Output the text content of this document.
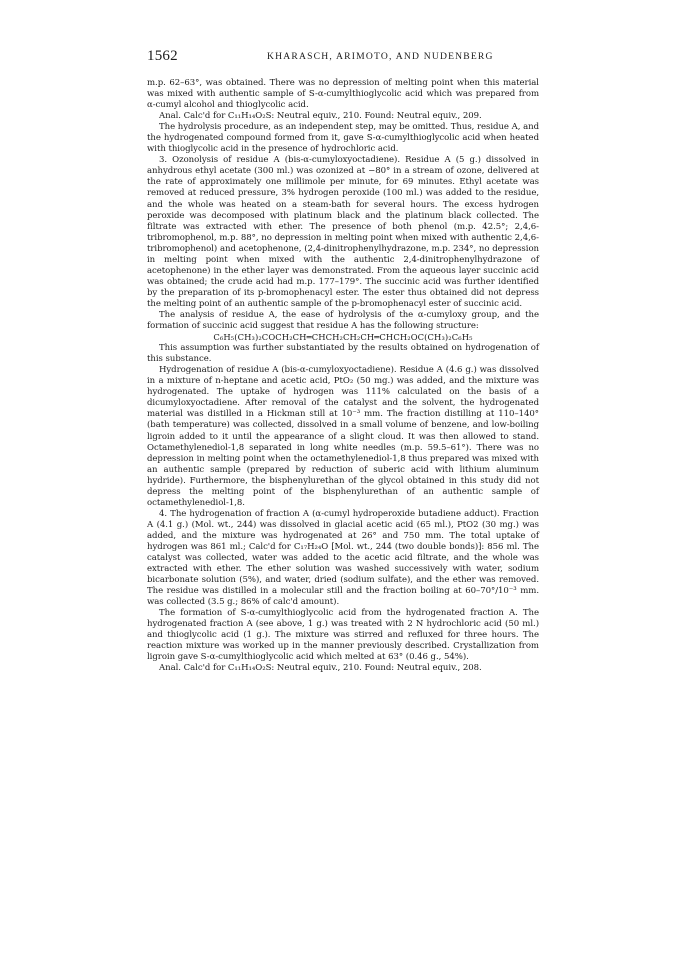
1562	KHARASCH, ARIMOTO, AND NUDENBERG

m.p. 62–63°, was obtained. There was no depression of melting point when this material was mixed with authentic sample of S-α-cumylthioglycolic acid which was prepared from α-cumyl alcohol and thioglycolic acid.

Anal. Calc'd for C₁₁H₁₄O₂S: Neutral equiv., 210. Found: Neutral equiv., 209.

The hydrolysis procedure, as an independent step, may be omitted. Thus, residue A, and the hydrogenated compound formed from it, gave S-α-cumylthioglycolic acid when heated with thioglycolic acid in the presence of hydrochloric acid.

3. Ozonolysis of residue A (bis-α-cumyloxyoctadiene). Residue A (5 g.) dissolved in anhydrous ethyl acetate (300 ml.) was ozonized at −80° in a stream of ozone, delivered at the rate of approximately one millimole per minute, for 69 minutes. Ethyl acetate was removed at reduced pressure, 3% hydrogen peroxide (100 ml.) was added to the residue, and the whole was heated on a steam-bath for several hours. The excess hydrogen peroxide was decomposed with platinum black and the platinum black collected. The filtrate was extracted with ether. The presence of both phenol (m.p. 42.5°; 2,4,6-tribromophenol, m.p. 88°, no depression in melting point when mixed with authentic 2,4,6-tribromophenol) and acetophenone, (2,4-dinitrophenylhydrazone, m.p. 234°, no depression in melting point when mixed with the authentic 2,4-dinitrophenylhydrazone of acetophenone) in the ether layer was demonstrated. From the aqueous layer succinic acid was obtained; the crude acid had m.p. 177–179°. The succinic acid was further identified by the preparation of its p-bromophenacyl ester. The ester thus obtained did not depress the melting point of an authentic sample of the p-bromophenacyl ester of succinic acid.

The analysis of residue A, the ease of hydrolysis of the α-cumyloxy group, and the formation of succinic acid suggest that residue A has the following structure:

C₆H₅(CH₃)₂COCH₂CH═CHCH₂CH₂CH═CHCH₂OC(CH₃)₂C₆H₅

This assumption was further substantiated by the results obtained on hydrogenation of this substance.

Hydrogenation of residue A (bis-α-cumyloxyoctadiene). Residue A (4.6 g.) was dissolved in a mixture of n-heptane and acetic acid, PtO₂ (50 mg.) was added, and the mixture was hydrogenated. The uptake of hydrogen was 111% calculated on the basis of a dicumyloxyoctadiene. After removal of the catalyst and the solvent, the hydrogenated material was distilled in a Hickman still at 10⁻³ mm. The fraction distilling at 110–140° (bath temperature) was collected, dissolved in a small volume of benzene, and low-boiling ligroin added to it until the appearance of a slight cloud. It was then allowed to stand. Octamethylenediol-1,8 separated in long white needles (m.p. 59.5–61°). There was no depression in melting point when the octamethylenediol-1,8 thus prepared was mixed with an authentic sample (prepared by reduction of suberic acid with lithium aluminum hydride). Furthermore, the bisphenylurethan of the glycol obtained in this study did not depress the melting point of the bisphenylurethan of an authentic sample of octamethylenediol-1,8.

4. The hydrogenation of fraction A (α-cumyl hydroperoxide butadiene adduct). Fraction A (4.1 g.) (Mol. wt., 244) was dissolved in glacial acetic acid (65 ml.), PtO2 (30 mg.) was added, and the mixture was hydrogenated at 26° and 750 mm. The total uptake of hydrogen was 861 ml.; Calc'd for C₁₇H₂₄O [Mol. wt., 244 (two double bonds)]: 856 ml. The catalyst was collected, water was added to the acetic acid filtrate, and the whole was extracted with ether. The ether solution was washed successively with water, sodium bicarbonate solution (5%), and water, dried (sodium sulfate), and the ether was removed. The residue was distilled in a molecular still and the fraction boiling at 60–70°/10⁻³ mm. was collected (3.5 g.; 86% of calc'd amount).

The formation of S-α-cumylthioglycolic acid from the hydrogenated fraction A. The hydrogenated fraction A (see above, 1 g.) was treated with 2 N hydrochloric acid (50 ml.) and thioglycolic acid (1 g.). The mixture was stirred and refluxed for three hours. The reaction mixture was worked up in the manner previously described. Crystallization from ligroin gave S-α-cumylthioglycolic acid which melted at 63° (0.46 g., 54%).

Anal. Calc'd for C₁₁H₁₄O₂S: Neutral equiv., 210. Found: Neutral equiv., 208.
